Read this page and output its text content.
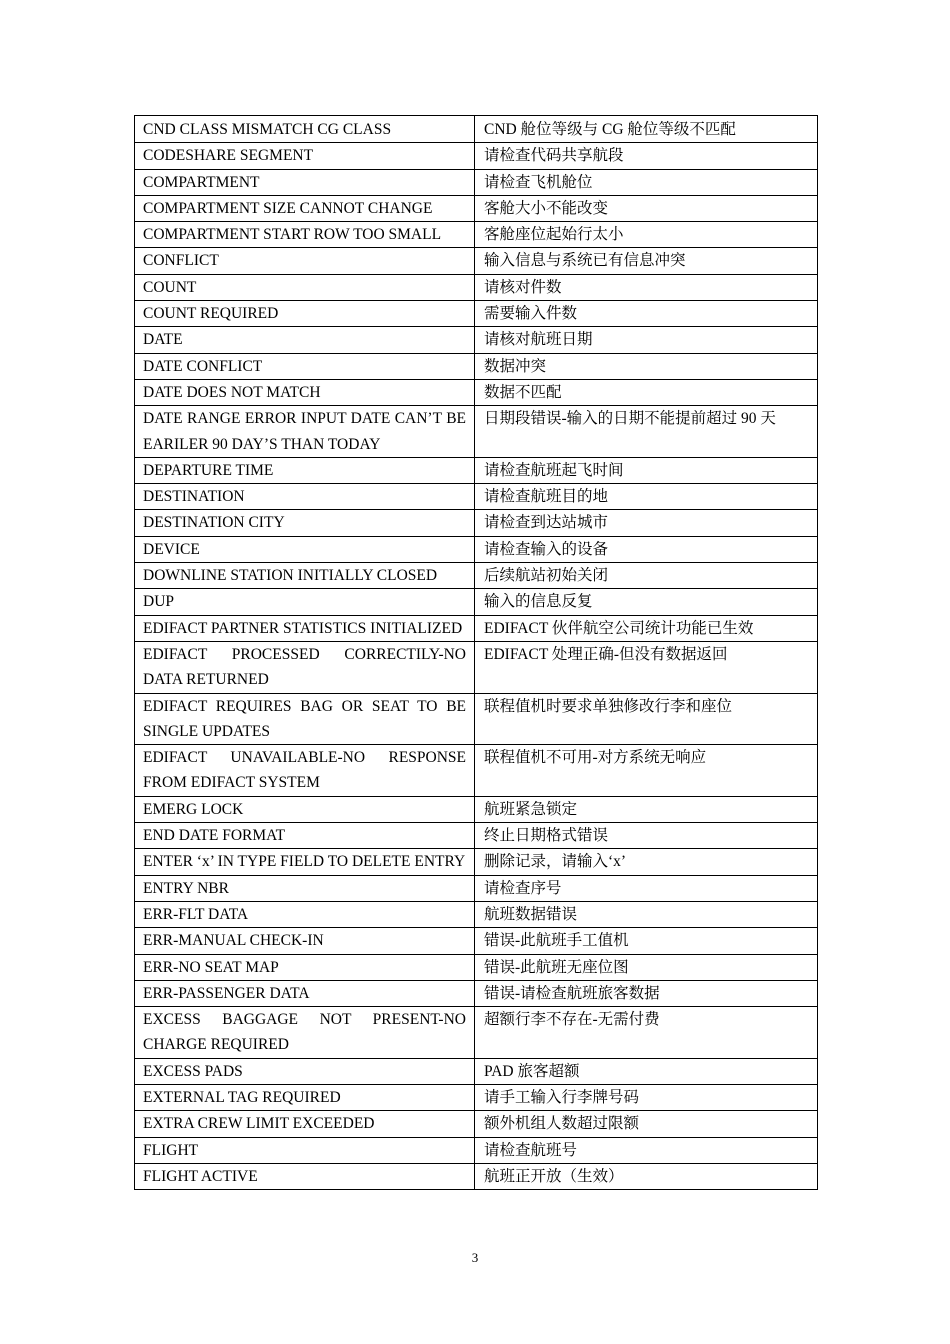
CND CLASS MISMATCH CG CLASS	CND 舱位等级与 CG 舱位等级不匹配
CODESHARE SEGMENT	请检查代码共享航段
COMPARTMENT	请检查飞机舱位
COMPARTMENT SIZE CANNOT CHANGE	客舱大小不能改变
COMPARTMENT START ROW TOO SMALL	客舱座位起始行太小
CONFLICT	输入信息与系统已有信息冲突
COUNT	请核对件数
COUNT REQUIRED	需要输入件数
DATE	请核对航班日期
DATE CONFLICT	数据冲突
DATE DOES NOT MATCH	数据不匹配
DATE RANGE ERROR INPUT DATE CAN’T BE EARILER 90 DAY’S THAN TODAY	日期段错误-输入的日期不能提前超过 90 天
DEPARTURE TIME	请检查航班起飞时间
DESTINATION	请检查航班目的地
DESTINATION CITY	请检查到达站城市
DEVICE	请检查输入的设备
DOWNLINE STATION INITIALLY CLOSED	后续航站初始关闭
DUP	输入的信息反复
EDIFACT PARTNER STATISTICS INITIALIZED	EDIFACT 伙伴航空公司统计功能已生效
EDIFACT PROCESSED CORRECTILY-NO DATA RETURNED	EDIFACT 处理正确-但没有数据返回
EDIFACT REQUIRES BAG OR SEAT TO BE SINGLE UPDATES	联程值机时要求单独修改行李和座位
EDIFACT UNAVAILABLE-NO RESPONSE FROM EDIFACT SYSTEM	联程值机不可用-对方系统无响应
EMERG LOCK	航班紧急锁定
END DATE FORMAT	终止日期格式错误
ENTER ‘x’ IN TYPE FIELD TO DELETE ENTRY	删除记录，请输入‘x’
ENTRY NBR	请检查序号
ERR-FLT DATA	航班数据错误
ERR-MANUAL CHECK-IN	错误-此航班手工值机
ERR-NO SEAT MAP	错误-此航班无座位图
ERR-PASSENGER DATA	错误-请检查航班旅客数据
EXCESS BAGGAGE NOT PRESENT-NO CHARGE REQUIRED	超额行李不存在-无需付费
EXCESS PADS	PAD 旅客超额
EXTERNAL TAG REQUIRED	请手工输入行李牌号码
EXTRA CREW LIMIT EXCEEDED	额外机组人数超过限额
FLIGHT	请检查航班号
FLIGHT ACTIVE	航班正开放（生效）
3
